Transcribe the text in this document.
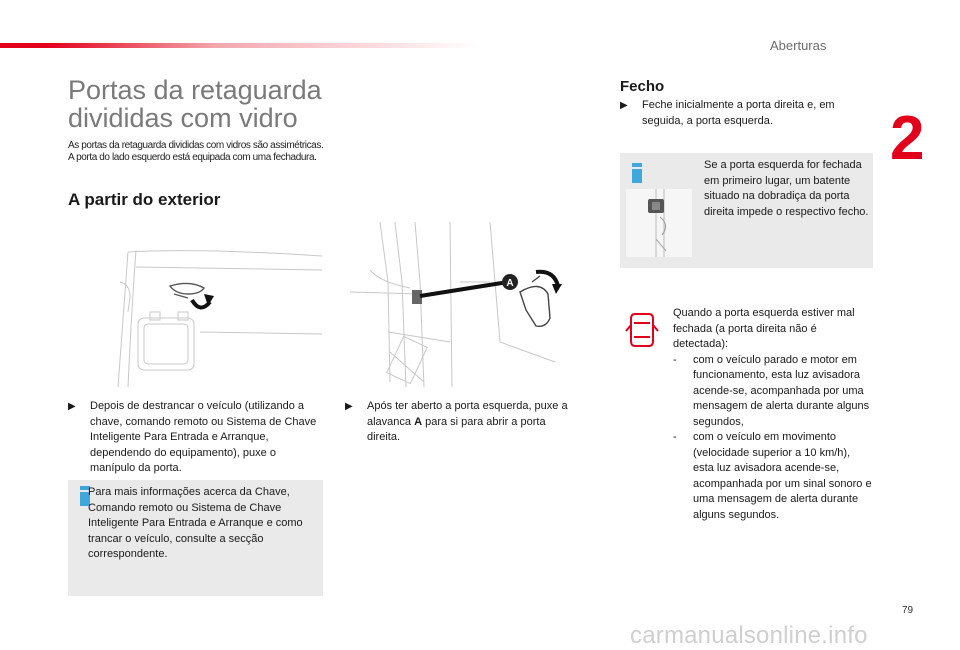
Aberturas
2
Portas da retaguarda
divididas com vidro
As portas da retaguarda divididas com vidros são assimétricas.
A porta do lado esquerdo está equipada com uma fechadura.
A partir do exterior
A
▶︎	Depois de destrancar o veículo (utilizando a chave, comando remoto ou Sistema de Chave Inteligente Para Entrada e Arranque, dependendo do equipamento), puxe o manípulo da porta.
Para mais informações acerca da Chave, Comando remoto ou Sistema de Chave Inteligente Para Entrada e Arranque e como trancar o veículo, consulte a secção correspondente.
▶︎	Após ter aberto a porta esquerda, puxe a alavanca A para si para abrir a porta direita.
Fecho
▶︎	Feche inicialmente a porta direita e, em seguida, a porta esquerda.
Se a porta esquerda for fechada em primeiro lugar, um batente situado na dobradiça da porta direita impede o respectivo fecho.
Quando a porta esquerda estiver mal fechada (a porta direita não é detectada):
-	com o veículo parado e motor em funcionamento, esta luz avisadora acende-se, acompanhada por uma mensagem de alerta durante alguns segundos,
-	com o veículo em movimento (velocidade superior a 10 km/h), esta luz avisadora acende-se, acompanhada por um sinal sonoro e uma mensagem de alerta durante alguns segundos.
79
carmanualsonline.info
